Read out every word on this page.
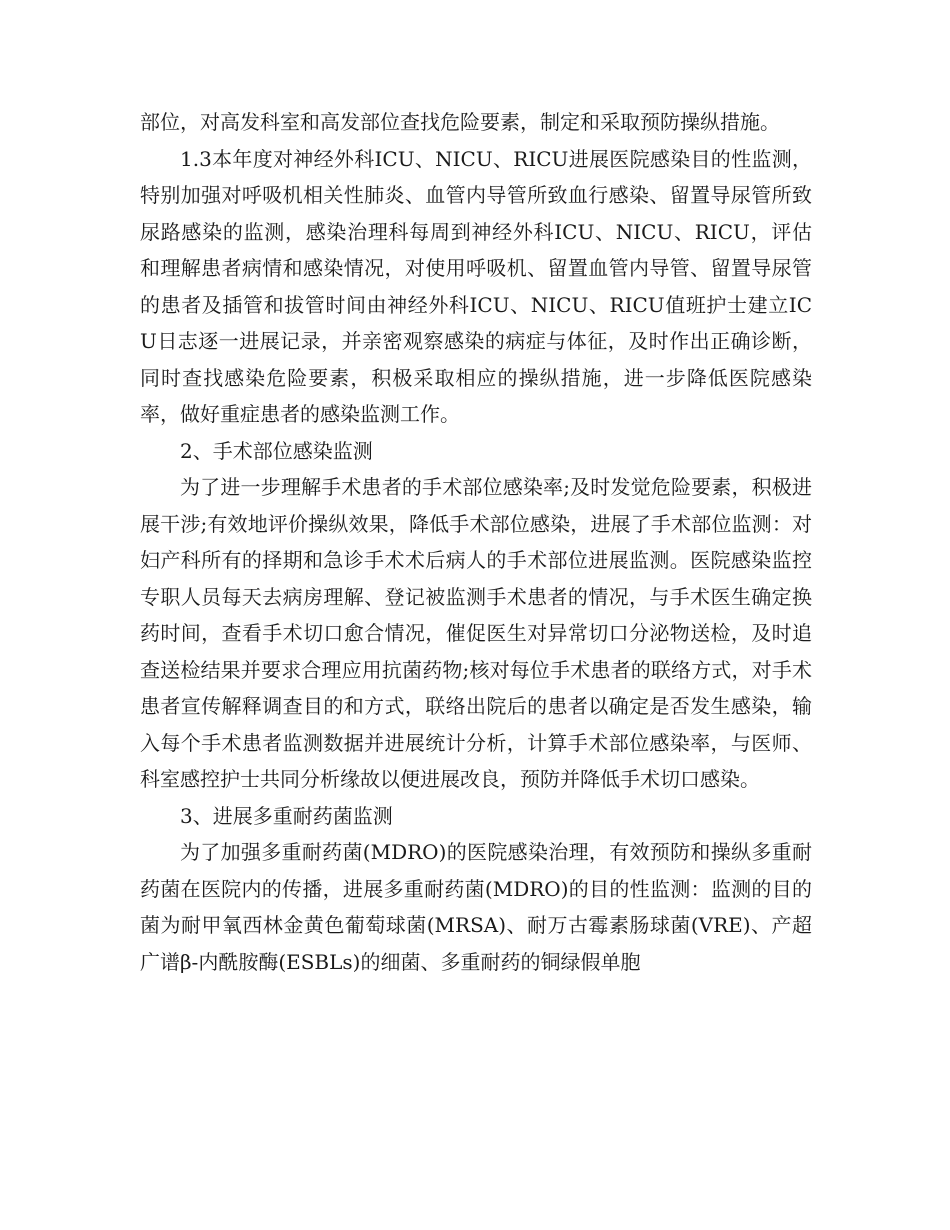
部位，对高发科室和高发部位查找危险要素，制定和采取预防操纵措施。

1.3本年度对神经外科ICU、NICU、RICU进展医院感染目的性监测，特别加强对呼吸机相关性肺炎、血管内导管所致血行感染、留置导尿管所致尿路感染的监测，感染治理科每周到神经外科ICU、NICU、RICU，评估和理解患者病情和感染情况，对使用呼吸机、留置血管内导管、留置导尿管的患者及插管和拔管时间由神经外科ICU、NICU、RICU值班护士建立ICU日志逐一进展记录，并亲密观察感染的病症与体征，及时作出正确诊断，同时查找感染危险要素，积极采取相应的操纵措施，进一步降低医院感染率，做好重症患者的感染监测工作。

2、手术部位感染监测

为了进一步理解手术患者的手术部位感染率;及时发觉危险要素，积极进展干涉;有效地评价操纵效果，降低手术部位感染，进展了手术部位监测：对妇产科所有的择期和急诊手术术后病人的手术部位进展监测。医院感染监控专职人员每天去病房理解、登记被监测手术患者的情况，与手术医生确定换药时间，查看手术切口愈合情况，催促医生对异常切口分泌物送检，及时追查送检结果并要求合理应用抗菌药物;核对每位手术患者的联络方式，对手术患者宣传解释调查目的和方式，联络出院后的患者以确定是否发生感染，输入每个手术患者监测数据并进展统计分析，计算手术部位感染率，与医师、科室感控护士共同分析缘故以便进展改良，预防并降低手术切口感染。

3、进展多重耐药菌监测

为了加强多重耐药菌(MDRO)的医院感染治理，有效预防和操纵多重耐药菌在医院内的传播，进展多重耐药菌(MDRO)的目的性监测：监测的目的菌为耐甲氧西林金黄色葡萄球菌(MRSA)、耐万古霉素肠球菌(VRE)、产超广谱β-内酰胺酶(ESBLs)的细菌、多重耐药的铜绿假单胞
